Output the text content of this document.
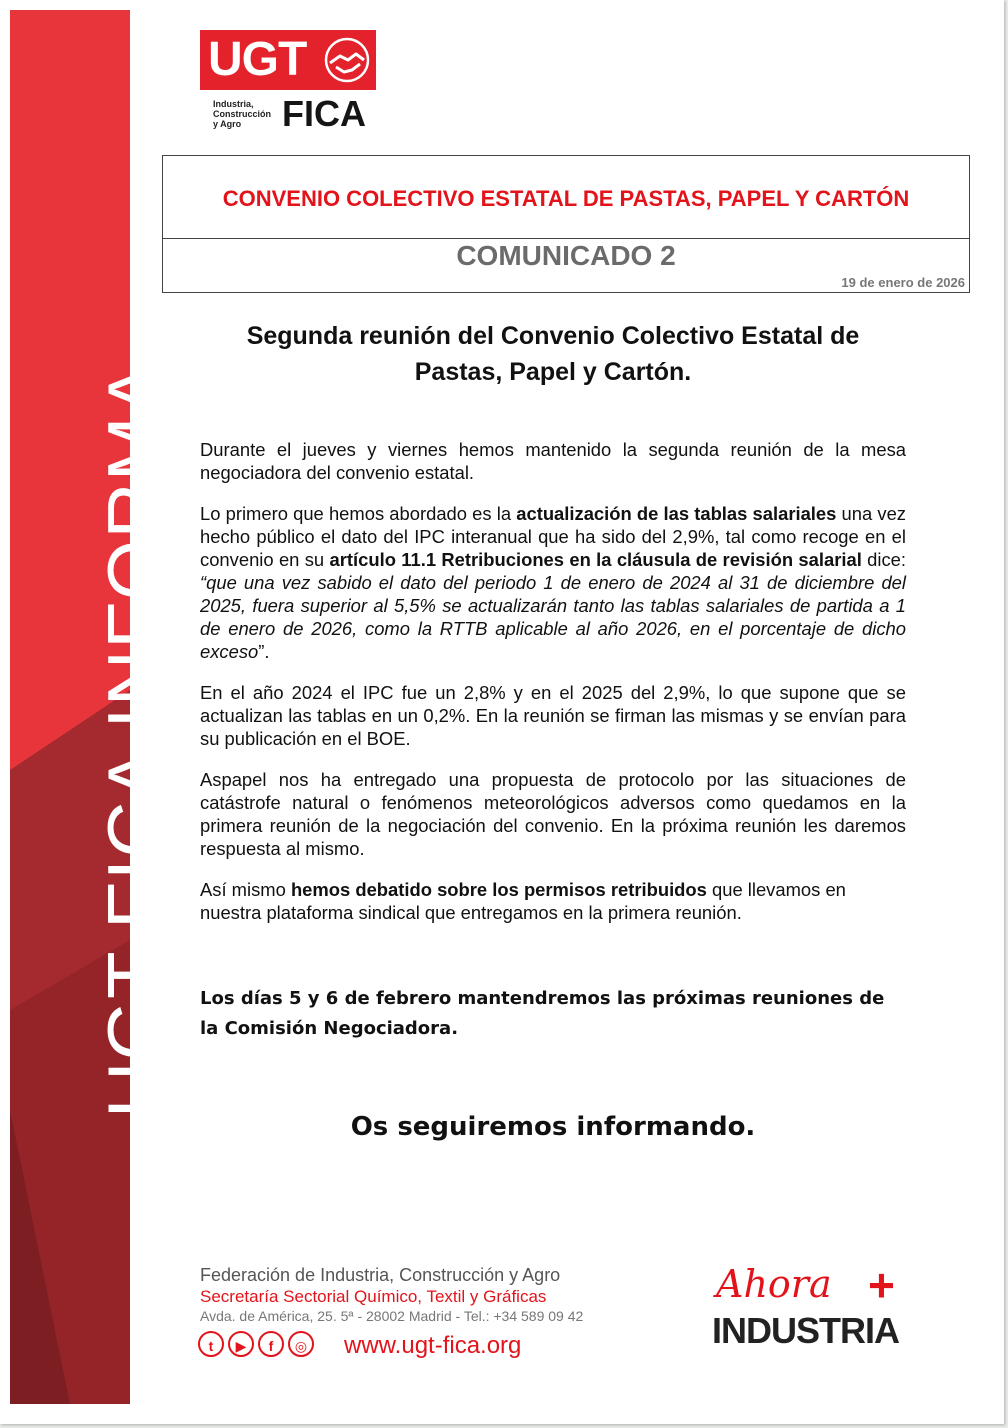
UGT FICA INFORMA
UGT
Industria,
Construcción
y Agro	FICA
CONVENIO COLECTIVO ESTATAL DE PASTAS, PAPEL Y CARTÓN
COMUNICADO 2
19 de enero de 2026
Segunda reunión del Convenio Colectivo Estatal de
Pastas, Papel y Cartón.

Durante el jueves y viernes hemos mantenido la segunda reunión de la mesa negociadora del convenio estatal.

Lo primero que hemos abordado es la actualización de las tablas salariales una vez hecho público el dato del IPC interanual que ha sido del 2,9%, tal como recoge en el convenio en su artículo 11.1 Retribuciones en la cláusula de revisión salarial dice: “que una vez sabido el dato del periodo 1 de enero de 2024 al 31 de diciembre del 2025, fuera superior al 5,5% se actualizarán tanto las tablas salariales de partida a 1 de enero de 2026, como la RTTB aplicable al año 2026, en el porcentaje de dicho exceso”.

En el año 2024 el IPC fue un 2,8% y en el 2025 del 2,9%, lo que supone que se actualizan las tablas en un 0,2%. En la reunión se firman las mismas y se envían para su publicación en el BOE.

Aspapel nos ha entregado una propuesta de protocolo por las situaciones de catástrofe natural o fenómenos meteorológicos adversos como quedamos en la primera reunión de la negociación del convenio. En la próxima reunión les daremos respuesta al mismo.

Así mismo hemos debatido sobre los permisos retribuidos que llevamos en nuestra plataforma sindical que entregamos en la primera reunión.

Los días 5 y 6 de febrero mantendremos las próximas reuniones de la Comisión Negociadora.
Os seguiremos informando.
Federación de Industria, Construcción y Agro
Secretaría Sectorial Químico, Textil y Gráficas
Avda. de América, 25. 5ª - 28002 Madrid - Tel.: +34 589 09 42
t ▶ f ◎	www.ugt-fica.org
Ahora +
INDUSTRIA
